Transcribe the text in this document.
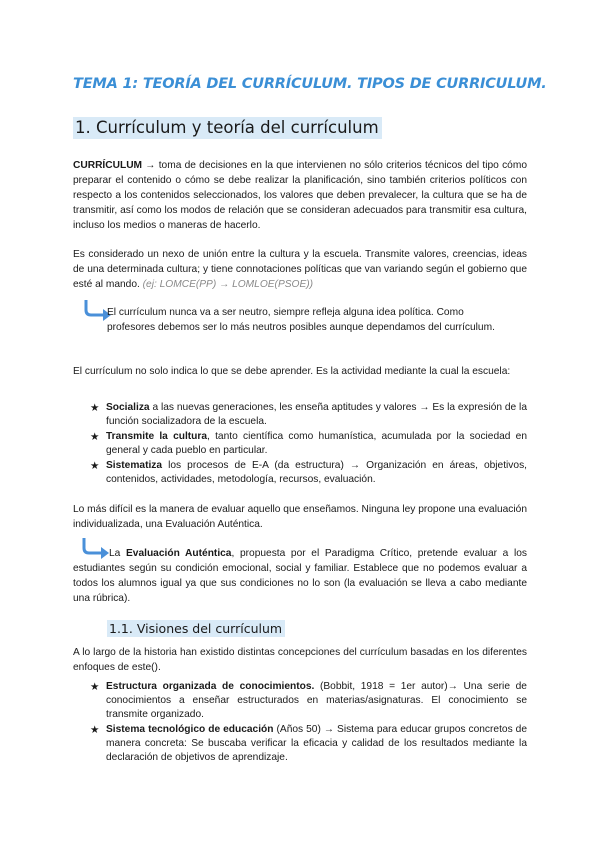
TEMA 1: TEORÍA DEL CURRÍCULUM. TIPOS DE CURRICULUM.
1. Currículum y teoría del currículum
CURRÍCULUM → toma de decisiones en la que intervienen no sólo criterios técnicos del tipo cómo preparar el contenido o cómo se debe realizar la planificación, sino también criterios políticos con respecto a los contenidos seleccionados, los valores que deben prevalecer, la cultura que se ha de transmitir, así como los modos de relación que se consideran adecuados para transmitir esa cultura, incluso los medios o maneras de hacerlo.
Es considerado un nexo de unión entre la cultura y la escuela. Transmite valores, creencias, ideas de una determinada cultura; y tiene connotaciones políticas que van variando según el gobierno que esté al mando. (ej: LOMCE(PP) → LOMLOE(PSOE))
El currículum nunca va a ser neutro, siempre refleja alguna idea política. Como profesores debemos ser lo más neutros posibles aunque dependamos del currículum.
El currículum no solo indica lo que se debe aprender. Es la actividad mediante la cual la escuela:
★ Socializa a las nuevas generaciones, les enseña aptitudes y valores → Es la expresión de la función socializadora de la escuela.
★ Transmite la cultura, tanto científica como humanística, acumulada por la sociedad en general y cada pueblo en particular.
★ Sistematiza los procesos de E-A (da estructura) → Organización en áreas, objetivos, contenidos, actividades, metodología, recursos, evaluación.
Lo más difícil es la manera de evaluar aquello que enseñamos. Ninguna ley propone una evaluación individualizada, una Evaluación Auténtica.
La Evaluación Auténtica, propuesta por el Paradigma Crítico, pretende evaluar a los estudiantes según su condición emocional, social y familiar. Establece que no podemos evaluar a todos los alumnos igual ya que sus condiciones no lo son (la evaluación se lleva a cabo mediante una rúbrica).
1.1. Visiones del currículum
A lo largo de la historia han existido distintas concepciones del currículum basadas en los diferentes enfoques de este().
★ Estructura organizada de conocimientos. (Bobbit, 1918 = 1er autor)→ Una serie de conocimientos a enseñar estructurados en materias/asignaturas. El conocimiento se transmite organizado.
★ Sistema tecnológico de educación (Años 50) → Sistema para educar grupos concretos de manera concreta: Se buscaba verificar la eficacia y calidad de los resultados mediante la declaración de objetivos de aprendizaje.
